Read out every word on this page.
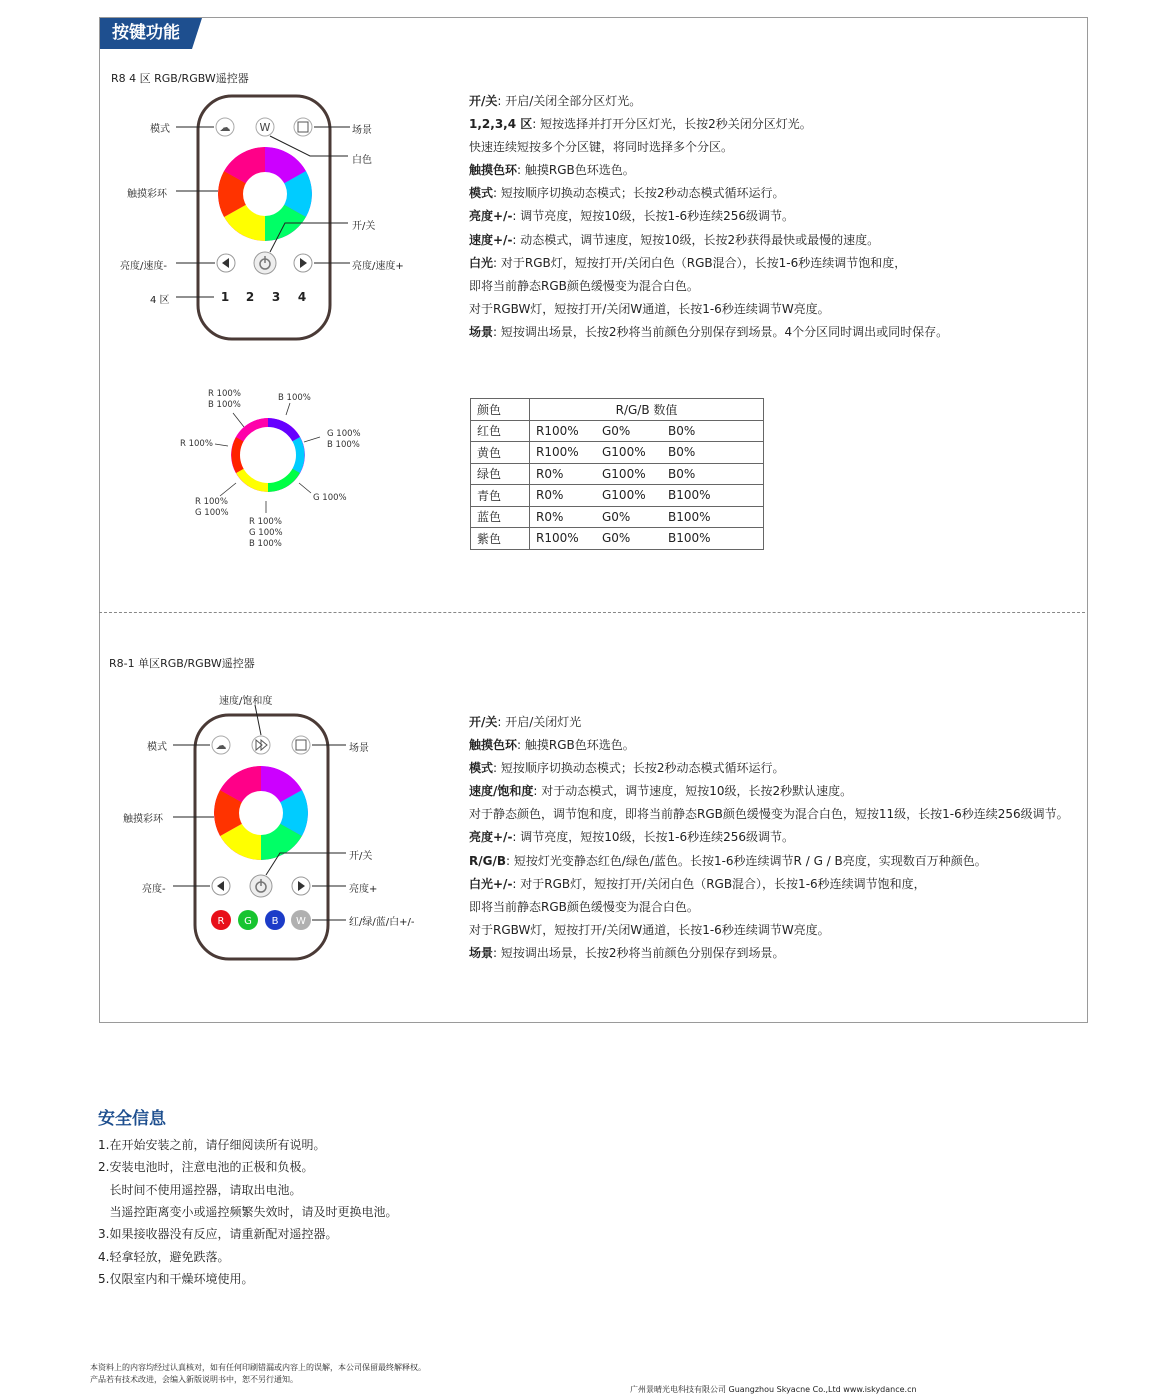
按键功能
R8 4 区 RGB/RGBW遥控器
☁	W
1 2 3 4
模式	场景
白色
触摸彩环
开/关
亮度/速度-	亮度/速度+
4 区
开/关: 开启/关闭全部分区灯光。
1,2,3,4 区: 短按选择并打开分区灯光，长按2秒关闭分区灯光。
快速连续短按多个分区键，将同时选择多个分区。
触摸色环: 触摸RGB色环选色。
模式: 短按顺序切换动态模式；长按2秒动态模式循环运行。
亮度+/-: 调节亮度，短按10级，长按1-6秒连续256级调节。
速度+/-: 动态模式，调节速度，短按10级，长按2秒获得最快或最慢的速度。
白光: 对于RGB灯，短按打开/关闭白色（RGB混合），长按1-6秒连续调节饱和度，
即将当前静态RGB颜色缓慢变为混合白色。
对于RGBW灯，短按打开/关闭W通道，长按1-6秒连续调节W亮度。
场景: 短按调出场景，长按2秒将当前颜色分别保存到场景。4个分区同时调出或同时保存。
R 100%
B 100%
B 100%
G 100%
B 100%
R 100%
R 100%
G 100%
G 100%
R 100%
G 100%
B 100%
颜色	R/G/B 数值
红色	R100% G0% B0%

黄色	R100% G100% B0%

绿色	R0% G100% B0%

青色	R0% G100% B100%

蓝色	R0% G0% B100%

紫色	R100% G0% B100%
R8-1 单区RGB/RGBW遥控器
☁
R G B W
速度/饱和度
模式	场景
触摸彩环
开/关
亮度-	亮度+
红/绿/蓝/白+/-
开/关: 开启/关闭灯光
触摸色环: 触摸RGB色环选色。
模式: 短按顺序切换动态模式；长按2秒动态模式循环运行。
速度/饱和度: 对于动态模式，调节速度，短按10级，长按2秒默认速度。
对于静态颜色，调节饱和度，即将当前静态RGB颜色缓慢变为混合白色，短按11级，长按1-6秒连续256级调节。
亮度+/-: 调节亮度，短按10级，长按1-6秒连续256级调节。
R/G/B: 短按灯光变静态红色/绿色/蓝色。长按1-6秒连续调节R / G / B亮度，实现数百万种颜色。
白光+/-: 对于RGB灯，短按打开/关闭白色（RGB混合），长按1-6秒连续调节饱和度，
即将当前静态RGB颜色缓慢变为混合白色。
对于RGBW灯，短按打开/关闭W通道，长按1-6秒连续调节W亮度。
场景: 短按调出场景，长按2秒将当前颜色分别保存到场景。
安全信息
1.在开始安装之前，请仔细阅读所有说明。
2.安装电池时，注意电池的正极和负极。
长时间不使用遥控器，请取出电池。
当遥控距离变小或遥控频繁失效时，请及时更换电池。
3.如果接收器没有反应，请重新配对遥控器。
4.轻拿轻放，避免跌落。
5.仅限室内和干燥环境使用。
本资料上的内容均经过认真核对，如有任何印刷错漏或内容上的误解，本公司保留最终解释权。
产品若有技术改进，会编入新版说明书中，恕不另行通知。
广州景晴光电科技有限公司 Guangzhou Skyacne Co.,Ltd www.iskydance.cn
